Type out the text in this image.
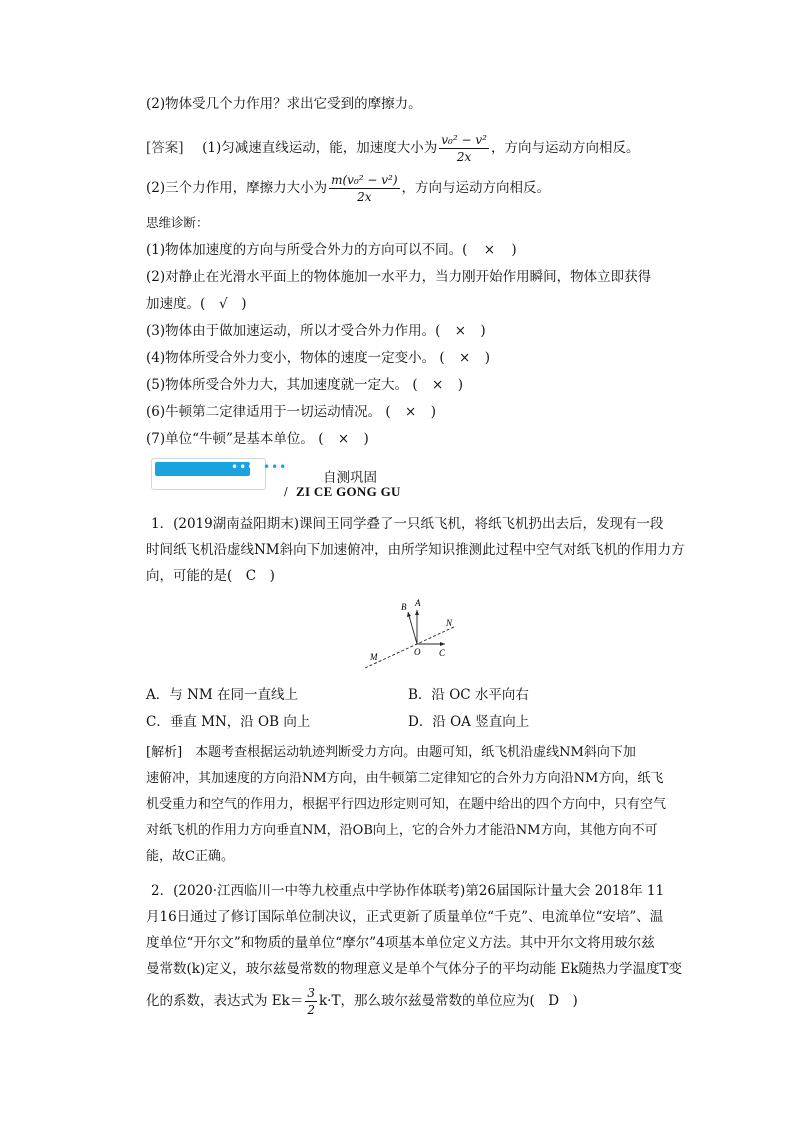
(2)物体受几个力作用？求出它受到的摩擦力。
[答案] (1)匀减速直线运动，能，加速度大小为 $\frac{\text{v₀² − v²}}{2x}$ ，方向与运动方向相反。
(2)三个力作用，摩擦力大小为 $\frac{\text{m(v₀² − v²)}}{2x}$ ，方向与运动方向相反。
思维诊断：
(1)物体加速度的方向与所受合外力的方向可以不同。( × )
(2)对静止在光滑水平面上的物体施加一水平力，当力刚开始作用瞬间，物体立即获得
加速度。( √ )
(3)物体由于做加速运动，所以才受合外力作用。( × )
(4)物体所受合外力变小，物体的速度一定变小。 ( × )
(5)物体所受合外力大，其加速度就一定大。 ( × )
(6)牛顿第二定律适用于一切运动情况。 ( × )
(7)单位“牛顿”是基本单位。 ( × )
••• •••
自测巩固
/ ZI CE GONG GU
1．(2019湖南益阳期末)课间王同学叠了一只纸飞机，将纸飞机扔出去后，发现有一段
时间纸飞机沿虚线NM斜向下加速俯冲，由所学知识推测此过程中空气对纸飞机的作用力方
向，可能的是(　C　)
B A
N
M	O C
A．与 NM 在同一直线上	B．沿 OC 水平向右
C．垂直 MN，沿 OB 向上	D．沿 OA 竖直向上
[解析]　本题考查根据运动轨迹判断受力方向。由题可知，纸飞机沿虚线NM斜向下加
速俯冲，其加速度的方向沿NM方向，由牛顿第二定律知它的合外力方向沿NM方向，纸飞
机受重力和空气的作用力，根据平行四边形定则可知，在题中给出的四个方向中，只有空气
对纸飞机的作用力方向垂直NM，沿OB向上，它的合外力才能沿NM方向，其他方向不可
能，故C正确。
2．(2020·江西临川一中等九校重点中学协作体联考)第26届国际计量大会 2018年 11
月16日通过了修订国际单位制决议，正式更新了质量单位“千克”、电流单位“安培”、温
度单位“开尔文”和物质的量单位“摩尔”4项基本单位定义方法。其中开尔文将用玻尔兹
曼常数(k)定义，玻尔兹曼常数的物理意义是单个气体分子的平均动能 Ek随热力学温度T变
化的系数，表达式为 $Ek= \frac{3}{2} k\cdot T$，那么玻尔兹曼常数的单位应为(　D　)
